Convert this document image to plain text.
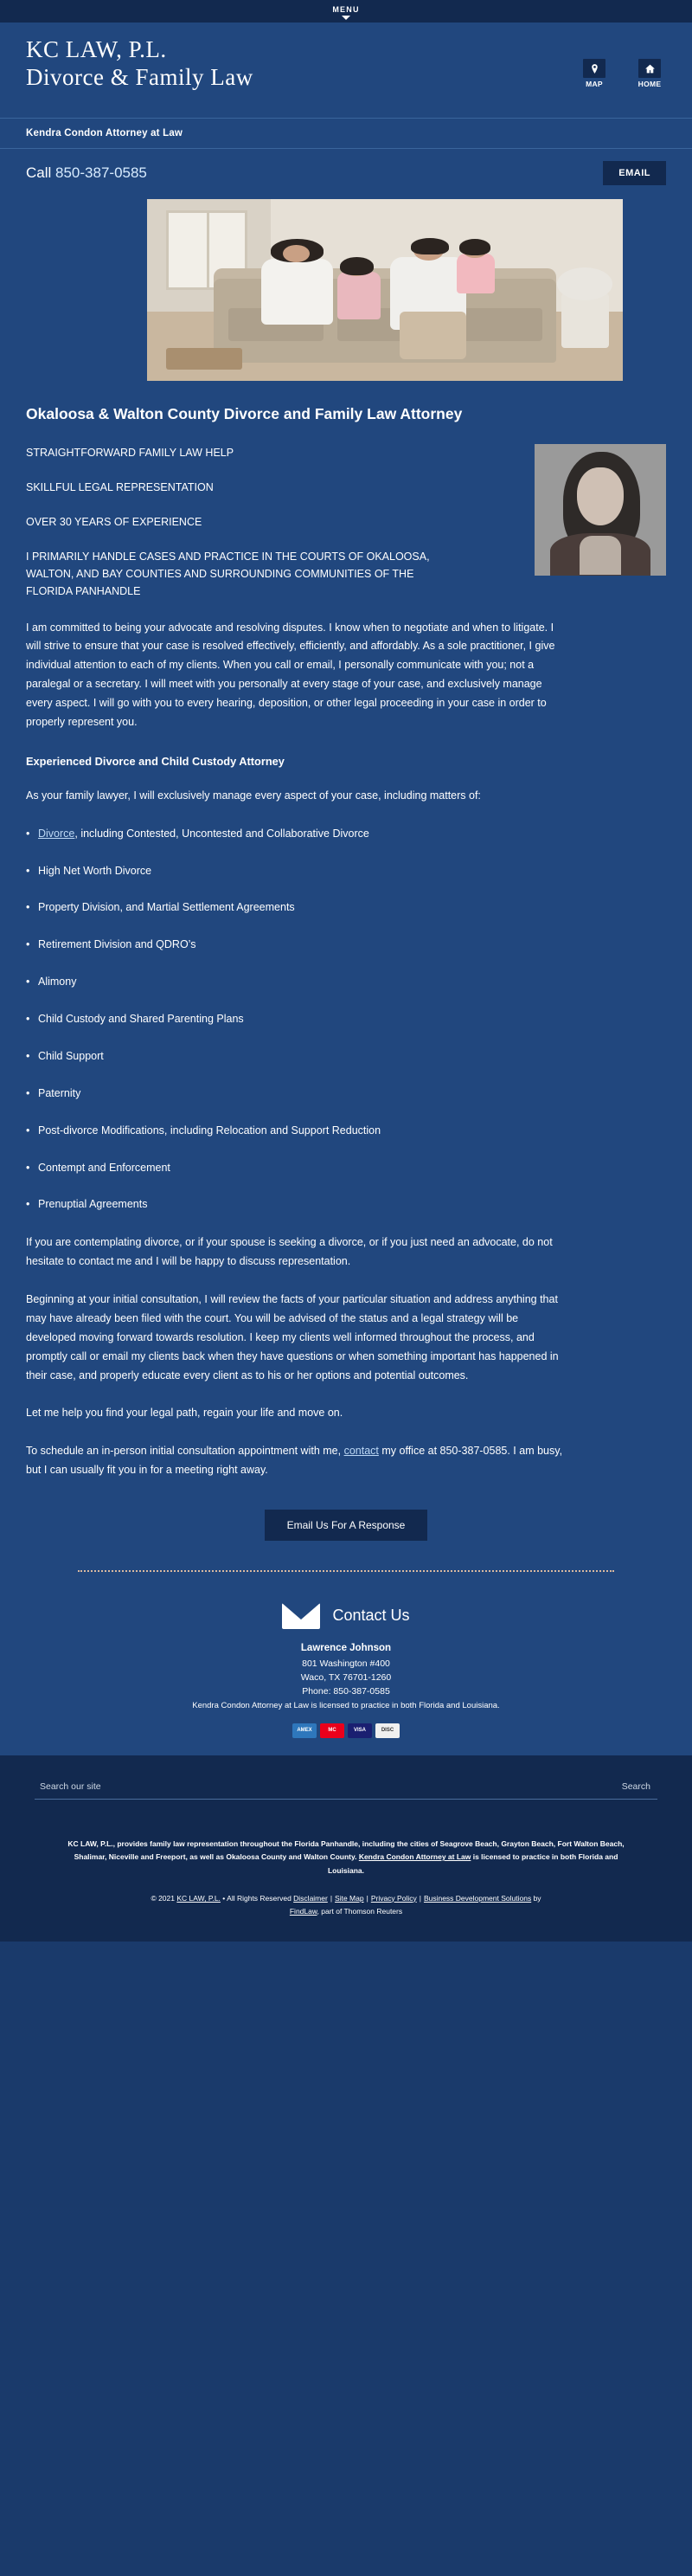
MENU
KC LAW, P.L.
Divorce & Family Law	MAP	HOME
Kendra Condon Attorney at Law
Call 850-387-0585	EMAIL
Okaloosa & Walton County Divorce and Family Law Attorney

STRAIGHTFORWARD FAMILY LAW HELP

SKILLFUL LEGAL REPRESENTATION

OVER 30 YEARS OF EXPERIENCE

I PRIMARILY HANDLE CASES AND PRACTICE IN THE COURTS OF OKALOOSA, WALTON, AND BAY COUNTIES AND SURROUNDING COMMUNITIES OF THE FLORIDA PANHANDLE

I am committed to being your advocate and resolving disputes. I know when to negotiate and when to litigate. I will strive to ensure that your case is resolved effectively, efficiently, and affordably. As a sole practitioner, I give individual attention to each of my clients. When you call or email, I personally communicate with you; not a paralegal or a secretary. I will meet with you personally at every stage of your case, and exclusively manage every aspect. I will go with you to every hearing, deposition, or other legal proceeding in your case in order to properly represent you.

Experienced Divorce and Child Custody Attorney

As your family lawyer, I will exclusively manage every aspect of your case, including matters of:

• Divorce, including Contested, Uncontested and Collaborative Divorce
• High Net Worth Divorce
• Property Division, and Martial Settlement Agreements
• Retirement Division and QDRO’s
• Alimony
• Child Custody and Shared Parenting Plans
• Child Support
• Paternity
• Post-divorce Modifications, including Relocation and Support Reduction
• Contempt and Enforcement
• Prenuptial Agreements

If you are contemplating divorce, or if your spouse is seeking a divorce, or if you just need an advocate, do not hesitate to contact me and I will be happy to discuss representation.

Beginning at your initial consultation, I will review the facts of your particular situation and address anything that may have already been filed with the court. You will be advised of the status and a legal strategy will be developed moving forward towards resolution. I keep my clients well informed throughout the process, and promptly call or email my clients back when they have questions or when something important has happened in their case, and properly educate every client as to his or her options and potential outcomes.

Let me help you find your legal path, regain your life and move on.

To schedule an in-person initial consultation appointment with me, contact my office at 850-387-0585. I am busy, but I can usually fit you in for a meeting right away.

Email Us For A Response
Contact Us
Lawrence Johnson
801 Washington #400
Waco, TX 76701-1260
Phone: 850-387-0585
Kendra Condon Attorney at Law is licensed to practice in both Florida and Louisiana.
AMEX	MC	VISA	DISC
Search our site
Search
KC LAW, P.L., provides family law representation throughout the Florida Panhandle, including the cities of Seagrove Beach, Grayton Beach, Fort Walton Beach, Shalimar, Niceville and Freeport, as well as Okaloosa County and Walton County. Kendra Condon Attorney at Law is licensed to practice in both Florida and Louisiana.
© 2021 KC LAW, P.L. • All Rights Reserved Disclaimer | Site Map | Privacy Policy | Business Development Solutions by
FindLaw, part of Thomson Reuters
